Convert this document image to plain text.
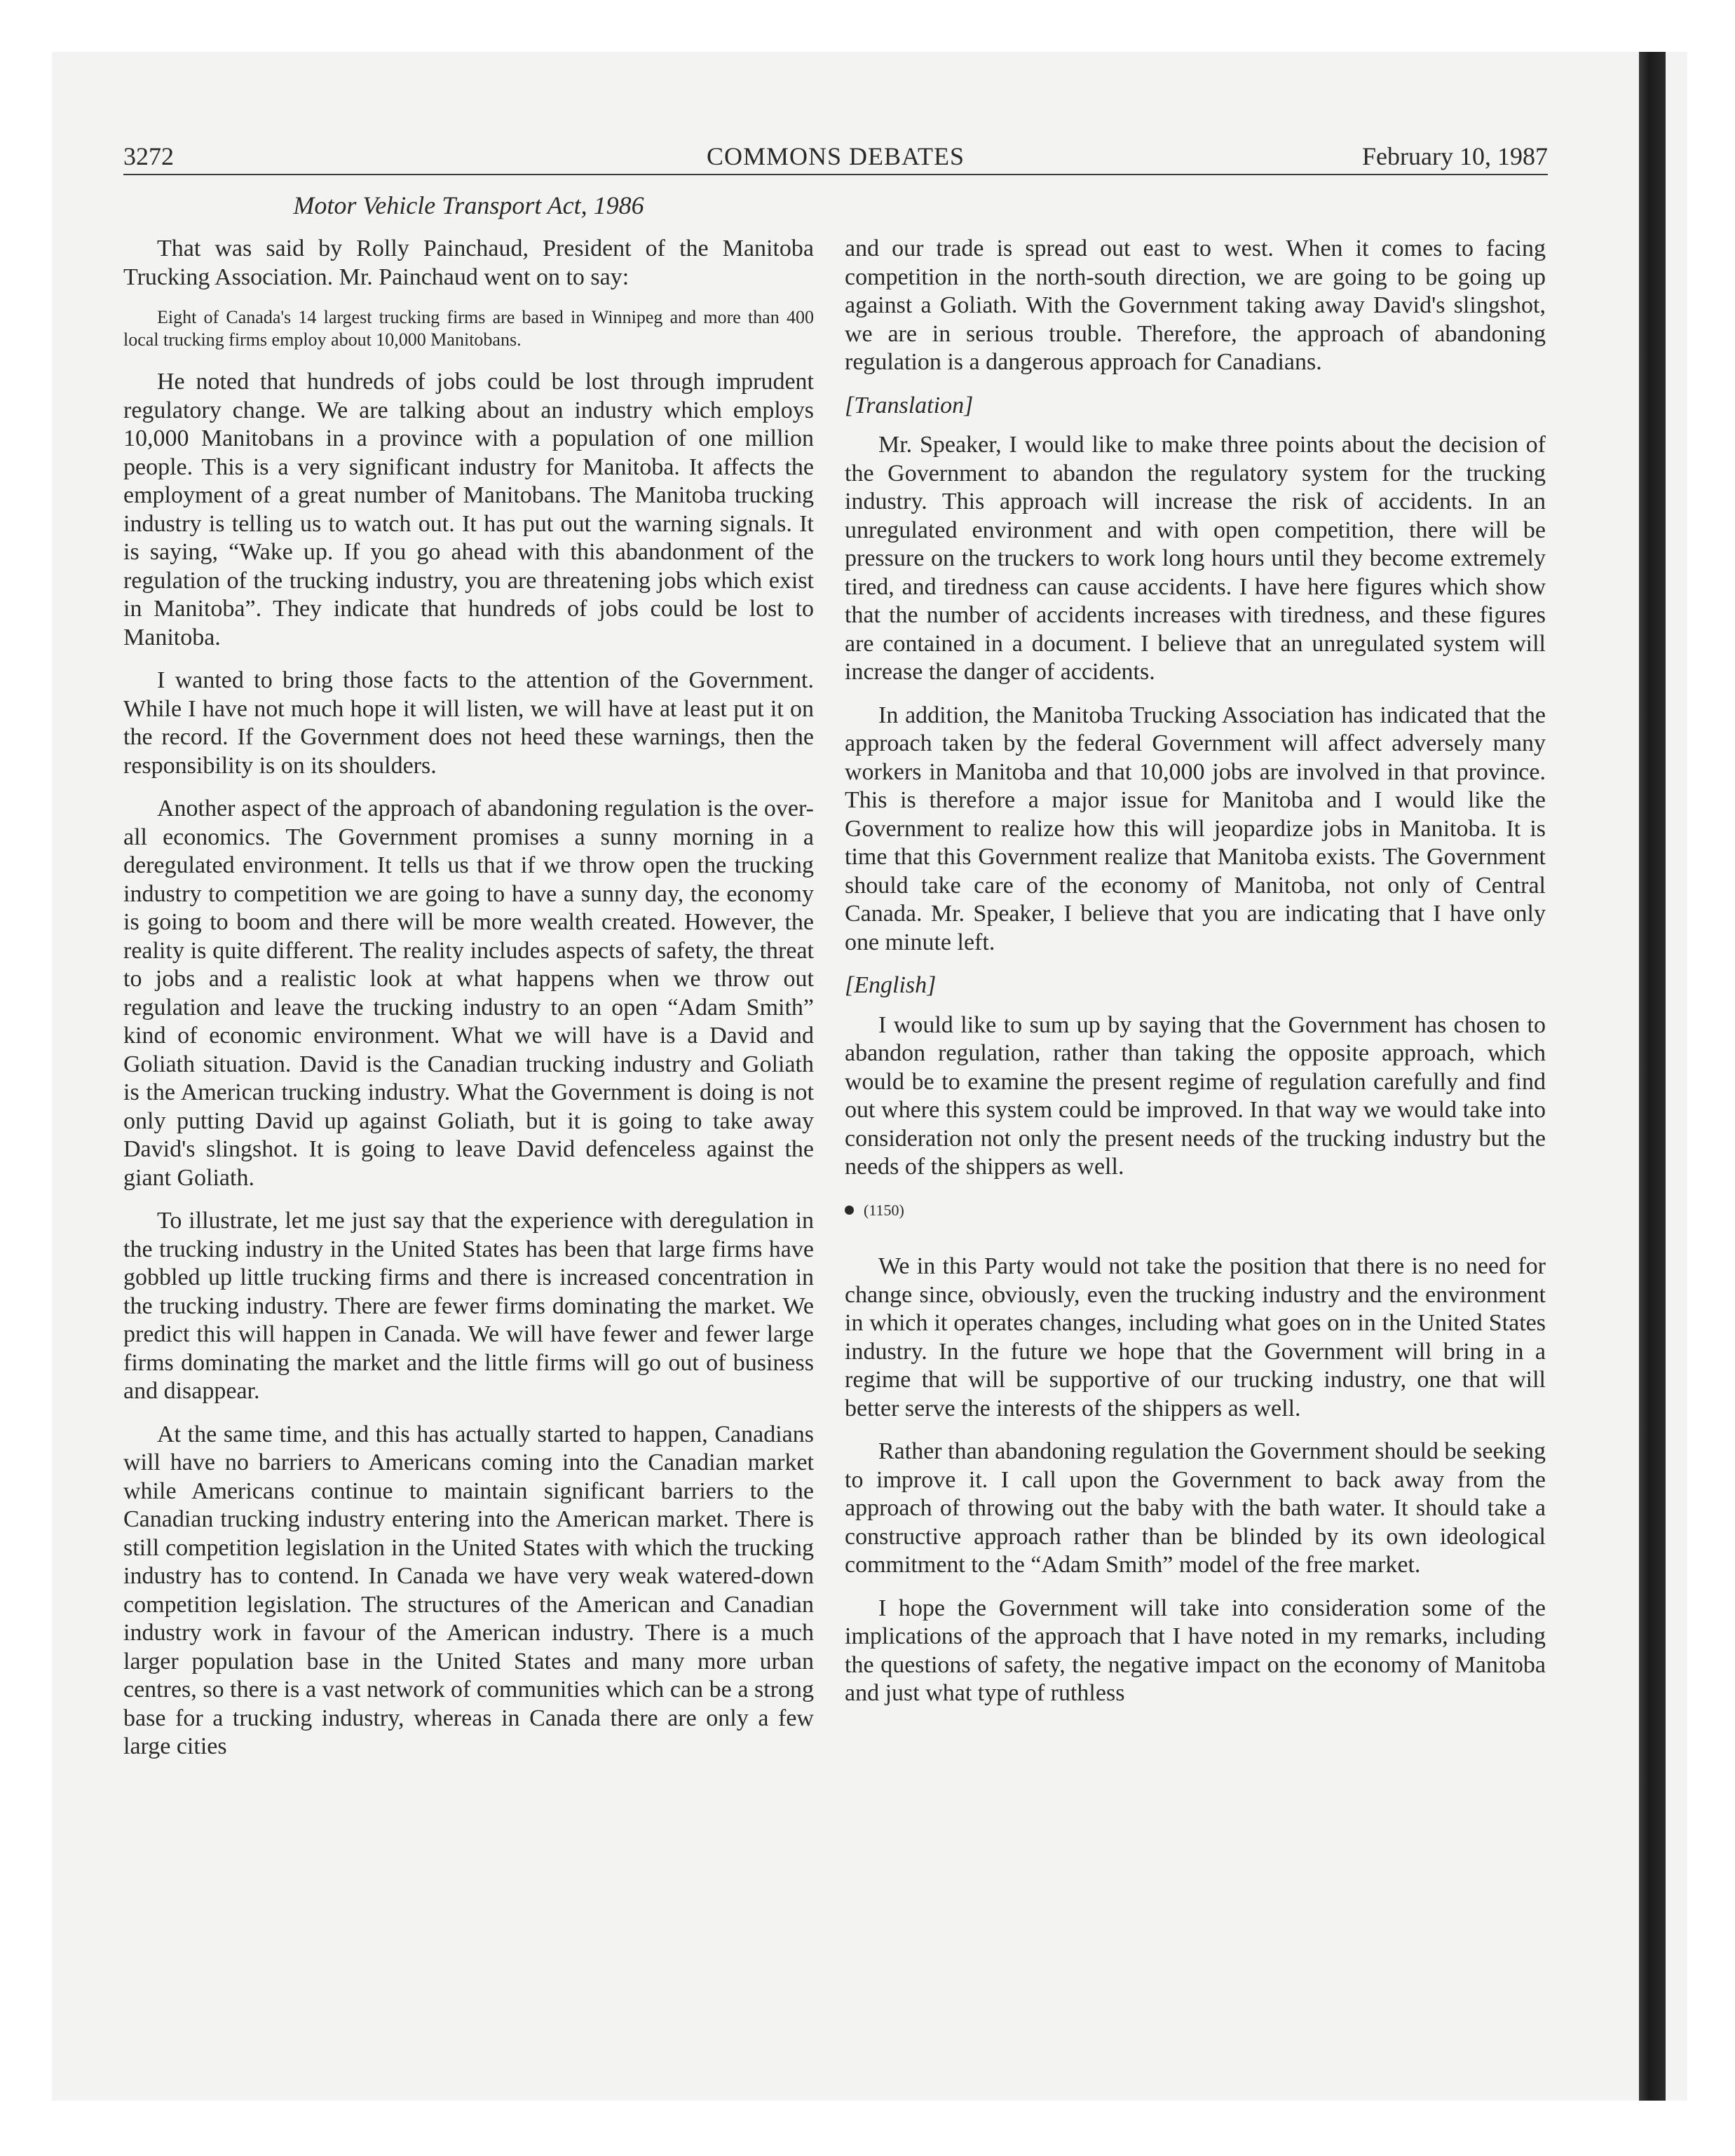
3272	COMMONS DEBATES	February 10, 1987
Motor Vehicle Transport Act, 1986

That was said by Rolly Painchaud, President of the Manitoba Trucking Association. Mr. Painchaud went on to say:

Eight of Canada's 14 largest trucking firms are based in Winnipeg and more than 400 local trucking firms employ about 10,000 Manitobans.

He noted that hundreds of jobs could be lost through imprudent regulatory change. We are talking about an industry which employs 10,000 Manitobans in a province with a population of one million people. This is a very significant industry for Manitoba. It affects the employment of a great number of Manitobans. The Manitoba trucking industry is telling us to watch out. It has put out the warning signals. It is saying, “Wake up. If you go ahead with this abandonment of the regulation of the trucking industry, you are threatening jobs which exist in Manitoba”. They indicate that hundreds of jobs could be lost to Manitoba.

I wanted to bring those facts to the attention of the Government. While I have not much hope it will listen, we will have at least put it on the record. If the Government does not heed these warnings, then the responsibility is on its shoulders.

Another aspect of the approach of abandoning regulation is the over-all economics. The Government promises a sunny morning in a deregulated environment. It tells us that if we throw open the trucking industry to competition we are going to have a sunny day, the economy is going to boom and there will be more wealth created. However, the reality is quite different. The reality includes aspects of safety, the threat to jobs and a realistic look at what happens when we throw out regulation and leave the trucking industry to an open “Adam Smith” kind of economic environment. What we will have is a David and Goliath situation. David is the Canadian trucking industry and Goliath is the American trucking industry. What the Government is doing is not only putting David up against Goliath, but it is going to take away David's slingshot. It is going to leave David defenceless against the giant Goliath.

To illustrate, let me just say that the experience with deregulation in the trucking industry in the United States has been that large firms have gobbled up little trucking firms and there is increased concentration in the trucking industry. There are fewer firms dominating the market. We predict this will happen in Canada. We will have fewer and fewer large firms dominating the market and the little firms will go out of business and disappear.

At the same time, and this has actually started to happen, Canadians will have no barriers to Americans coming into the Canadian market while Americans continue to maintain significant barriers to the Canadian trucking industry entering into the American market. There is still competition legislation in the United States with which the trucking industry has to contend. In Canada we have very weak watered-down competition legislation. The structures of the American and Canadian industry work in favour of the American industry. There is a much larger population base in the United States and many more urban centres, so there is a vast network of communities which can be a strong base for a trucking industry, whereas in Canada there are only a few large cities

and our trade is spread out east to west. When it comes to facing competition in the north-south direction, we are going to be going up against a Goliath. With the Government taking away David's slingshot, we are in serious trouble. Therefore, the approach of abandoning regulation is a dangerous approach for Canadians.

[Translation]

Mr. Speaker, I would like to make three points about the decision of the Government to abandon the regulatory system for the trucking industry. This approach will increase the risk of accidents. In an unregulated environment and with open competition, there will be pressure on the truckers to work long hours until they become extremely tired, and tiredness can cause accidents. I have here figures which show that the number of accidents increases with tiredness, and these figures are contained in a document. I believe that an unregulated system will increase the danger of accidents.

In addition, the Manitoba Trucking Association has indicated that the approach taken by the federal Government will affect adversely many workers in Manitoba and that 10,000 jobs are involved in that province. This is therefore a major issue for Manitoba and I would like the Government to realize how this will jeopardize jobs in Manitoba. It is time that this Government realize that Manitoba exists. The Government should take care of the economy of Manitoba, not only of Central Canada. Mr. Speaker, I believe that you are indicating that I have only one minute left.

[English]

I would like to sum up by saying that the Government has chosen to abandon regulation, rather than taking the opposite approach, which would be to examine the present regime of regulation carefully and find out where this system could be improved. In that way we would take into consideration not only the present needs of the trucking industry but the needs of the shippers as well.

(1150)

We in this Party would not take the position that there is no need for change since, obviously, even the trucking industry and the environment in which it operates changes, including what goes on in the United States industry. In the future we hope that the Government will bring in a regime that will be supportive of our trucking industry, one that will better serve the interests of the shippers as well.

Rather than abandoning regulation the Government should be seeking to improve it. I call upon the Government to back away from the approach of throwing out the baby with the bath water. It should take a constructive approach rather than be blinded by its own ideological commitment to the “Adam Smith” model of the free market.

I hope the Government will take into consideration some of the implications of the approach that I have noted in my remarks, including the questions of safety, the negative impact on the economy of Manitoba and just what type of ruthless
